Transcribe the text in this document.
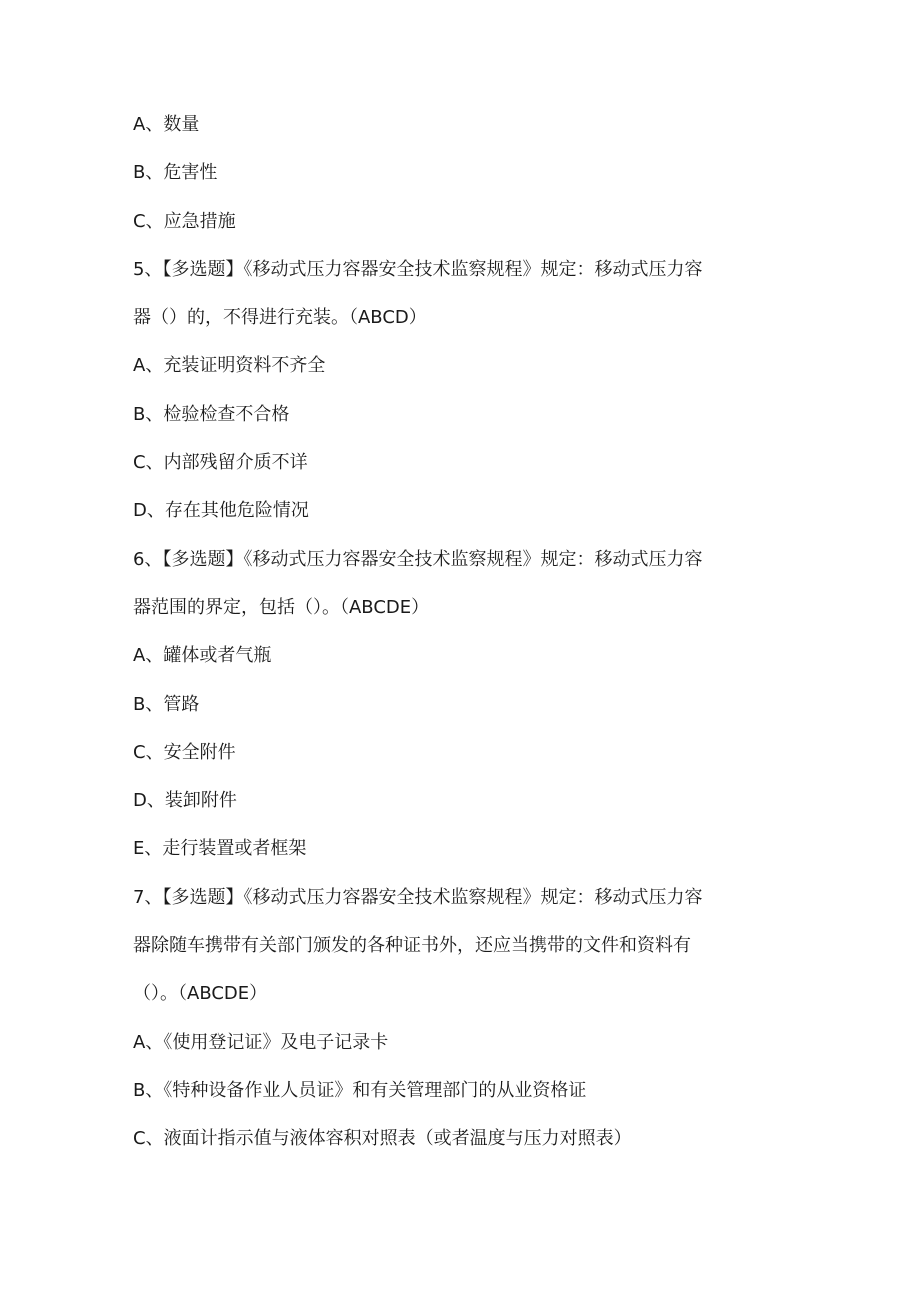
A、数量
B、危害性
C、应急措施
5、【多选题】《移动式压力容器安全技术监察规程》规定：移动式压力容
器（）的，不得进行充装。（ABCD）
A、充装证明资料不齐全
B、检验检查不合格
C、内部残留介质不详
D、存在其他危险情况
6、【多选题】《移动式压力容器安全技术监察规程》规定：移动式压力容
器范围的界定，包括（）。（ABCDE）
A、罐体或者气瓶
B、管路
C、安全附件
D、装卸附件
E、走行装置或者框架
7、【多选题】《移动式压力容器安全技术监察规程》规定：移动式压力容
器除随车携带有关部门颁发的各种证书外，还应当携带的文件和资料有
（）。（ABCDE）
A、《使用登记证》及电子记录卡
B、《特种设备作业人员证》和有关管理部门的从业资格证
C、液面计指示值与液体容积对照表（或者温度与压力对照表）
